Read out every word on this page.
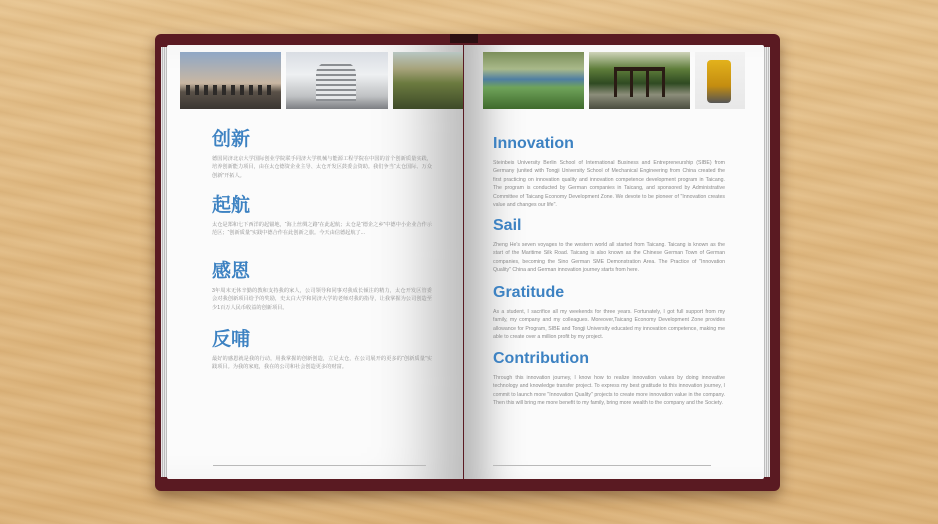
创新

德国同济北京大学国际创业学院联手同济大学机械与能源工程学院在中国的首个创新质量实践，培养创新能力项目，由在太仓德资企业主导、太仓开发区鼓委会资助。我们争当“太仓国际、万众创新”开拓人。

起航

太仓是郑和七下西洋的起锚地，“海上丝绸之路”在此起航；太仓是“德企之乡”中德中小企业合作示范区；“创新质量”实践中德合作在此创新之旅。今天由信德起航了...

感恩

3年周末无休辛勤的教和支持我的家人，公司领导和同事对我成长倾注的精力，太仓开发区管委会对我创新项目给予的奖励，史太白大学和同济大学的老师对我的指导，让我掌握为公司创造至少1百万人民币收益的创新项目。

反哺

最好的感恩就是我的行动，用我掌握的创新创造，立足太仓，在公司展开的更多的“创新质量”实践项目。为我的家庭，我在的公司和社会创造更多的财富。

Innovation

Steinbeis University Berlin School of International Business and Entrepreneurship (SIBE) from Germany (united with Tongji University School of Mechanical Engineering from China created the first practicing on innovation quality and innovation competence development program in Taicang. The program is conducted by German companies in Taicang, and sponsored by Administrative Committee of Taicang Economy Development Zone. We devote to be pioneer of "Innovation creates value and changes our life".

Sail

Zheng He's seven voyages to the western world all started from Taicang. Taicang is known as the start of the Maritime Silk Road. Taicang is also known as the Chinese German Town of German companies, becoming the Sino German SME Demonstration Area. The Practice of "Innovation Quality" China and German innovation journey starts from here.

Gratitude

As a student, I sacrifice all my weekends for three years. Fortunately, I got full support from my family, my company and my colleagues. Moreover,Taicang Economy Development Zone provides allowance for Program, SIBE and Tongji University educated my innovation competence, making me able to create over a million profit by my project.

Contribution

Through this innovation journey, I know how to realize innovation values by doing innovative technology and knowledge transfer project. To express my best gratitude to this innovation journey, I commit to launch more "Innovation Quality" projects to create more innovation value in the company. Then this will bring me more benefit to my family, bring more wealth to the company and the Society.
